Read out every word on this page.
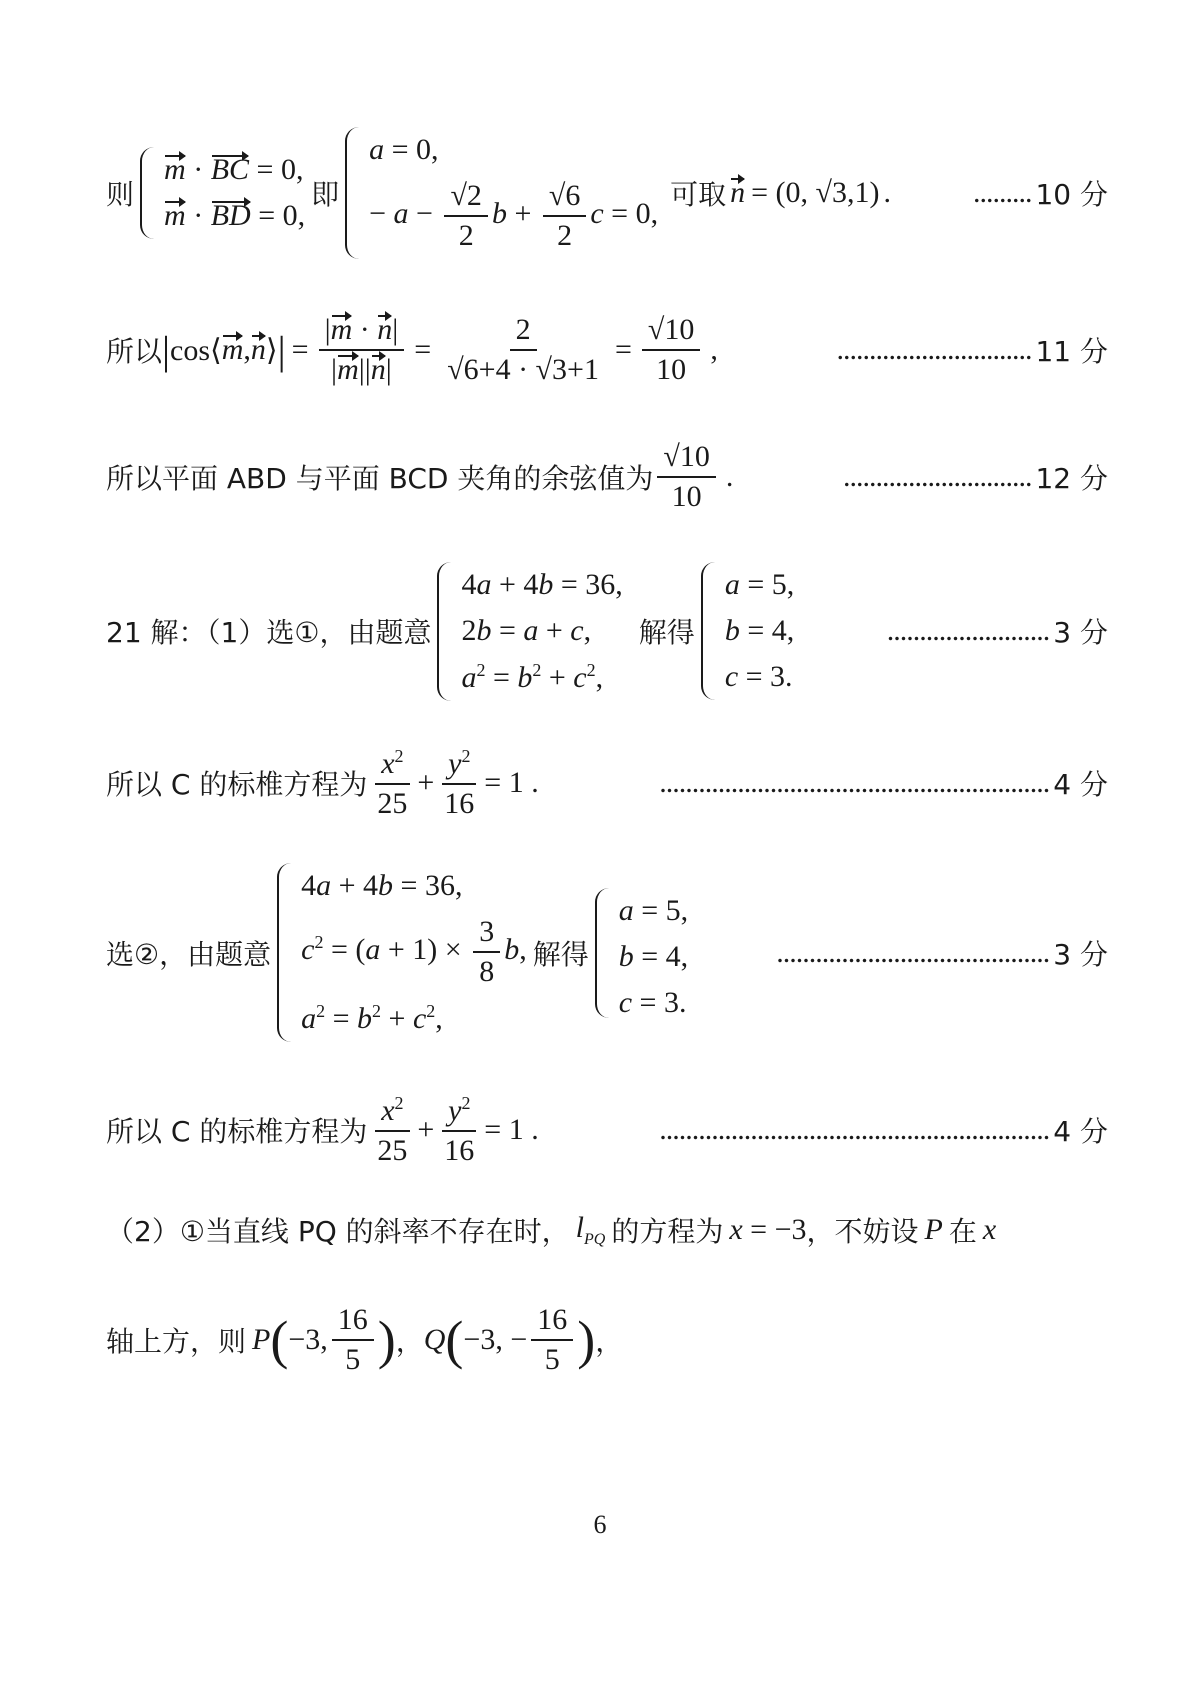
则
m · BC = 0,
m · BD = 0,
即
a = 0,
− $a - \frac{√2}{2}$ $b + \frac{√6}{2}$ c = 0,
可取 n = (0, √3,1) .	......... 10 分
所以 | cos⟨ m , n ⟩ | = $\frac{|m \cdot n|}{|m||n|} = \frac{2}{√6+4 \cdot √3+1} = \frac{√10}{10}$ ,	.............................. 11 分
所以平面 ABD 与平面 BCD 夹角的余弦值为 $\frac{√10}{10}$ .	............................. 12 分
21 解：（1）选①，由题意
4a + 4b = 36,
2b = a + c,
$a^2 = b^2 + c^2$,
解得
a = 5,
b = 4,
c = 3.
......................... 3 分
所以 C 的标椎方程为 $\frac{x^2}{25} + \frac{y^2}{16} = 1$ .	............................................................ 4 分
选②，由题意
4a + 4b = 36,
$c^2 = (a + 1) \times \frac{3}{8} b$,
$a^2 = b^2 + c^2$,
解得
a = 5,
b = 4,
c = 3.
.......................................... 3 分
所以 C 的标椎方程为 $\frac{x^2}{25} + \frac{y^2}{16} = 1$ .	............................................................ 4 分
（2）①当直线 PQ 的斜率不存在时， $l_{PQ}$ 的方程为 x = −3 ，不妨设 P 在 x
轴上方，则 P ( −3, $\frac{16}{5}$ ) ， Q ( −3, − $\frac{16}{5}$ ) ，
6
